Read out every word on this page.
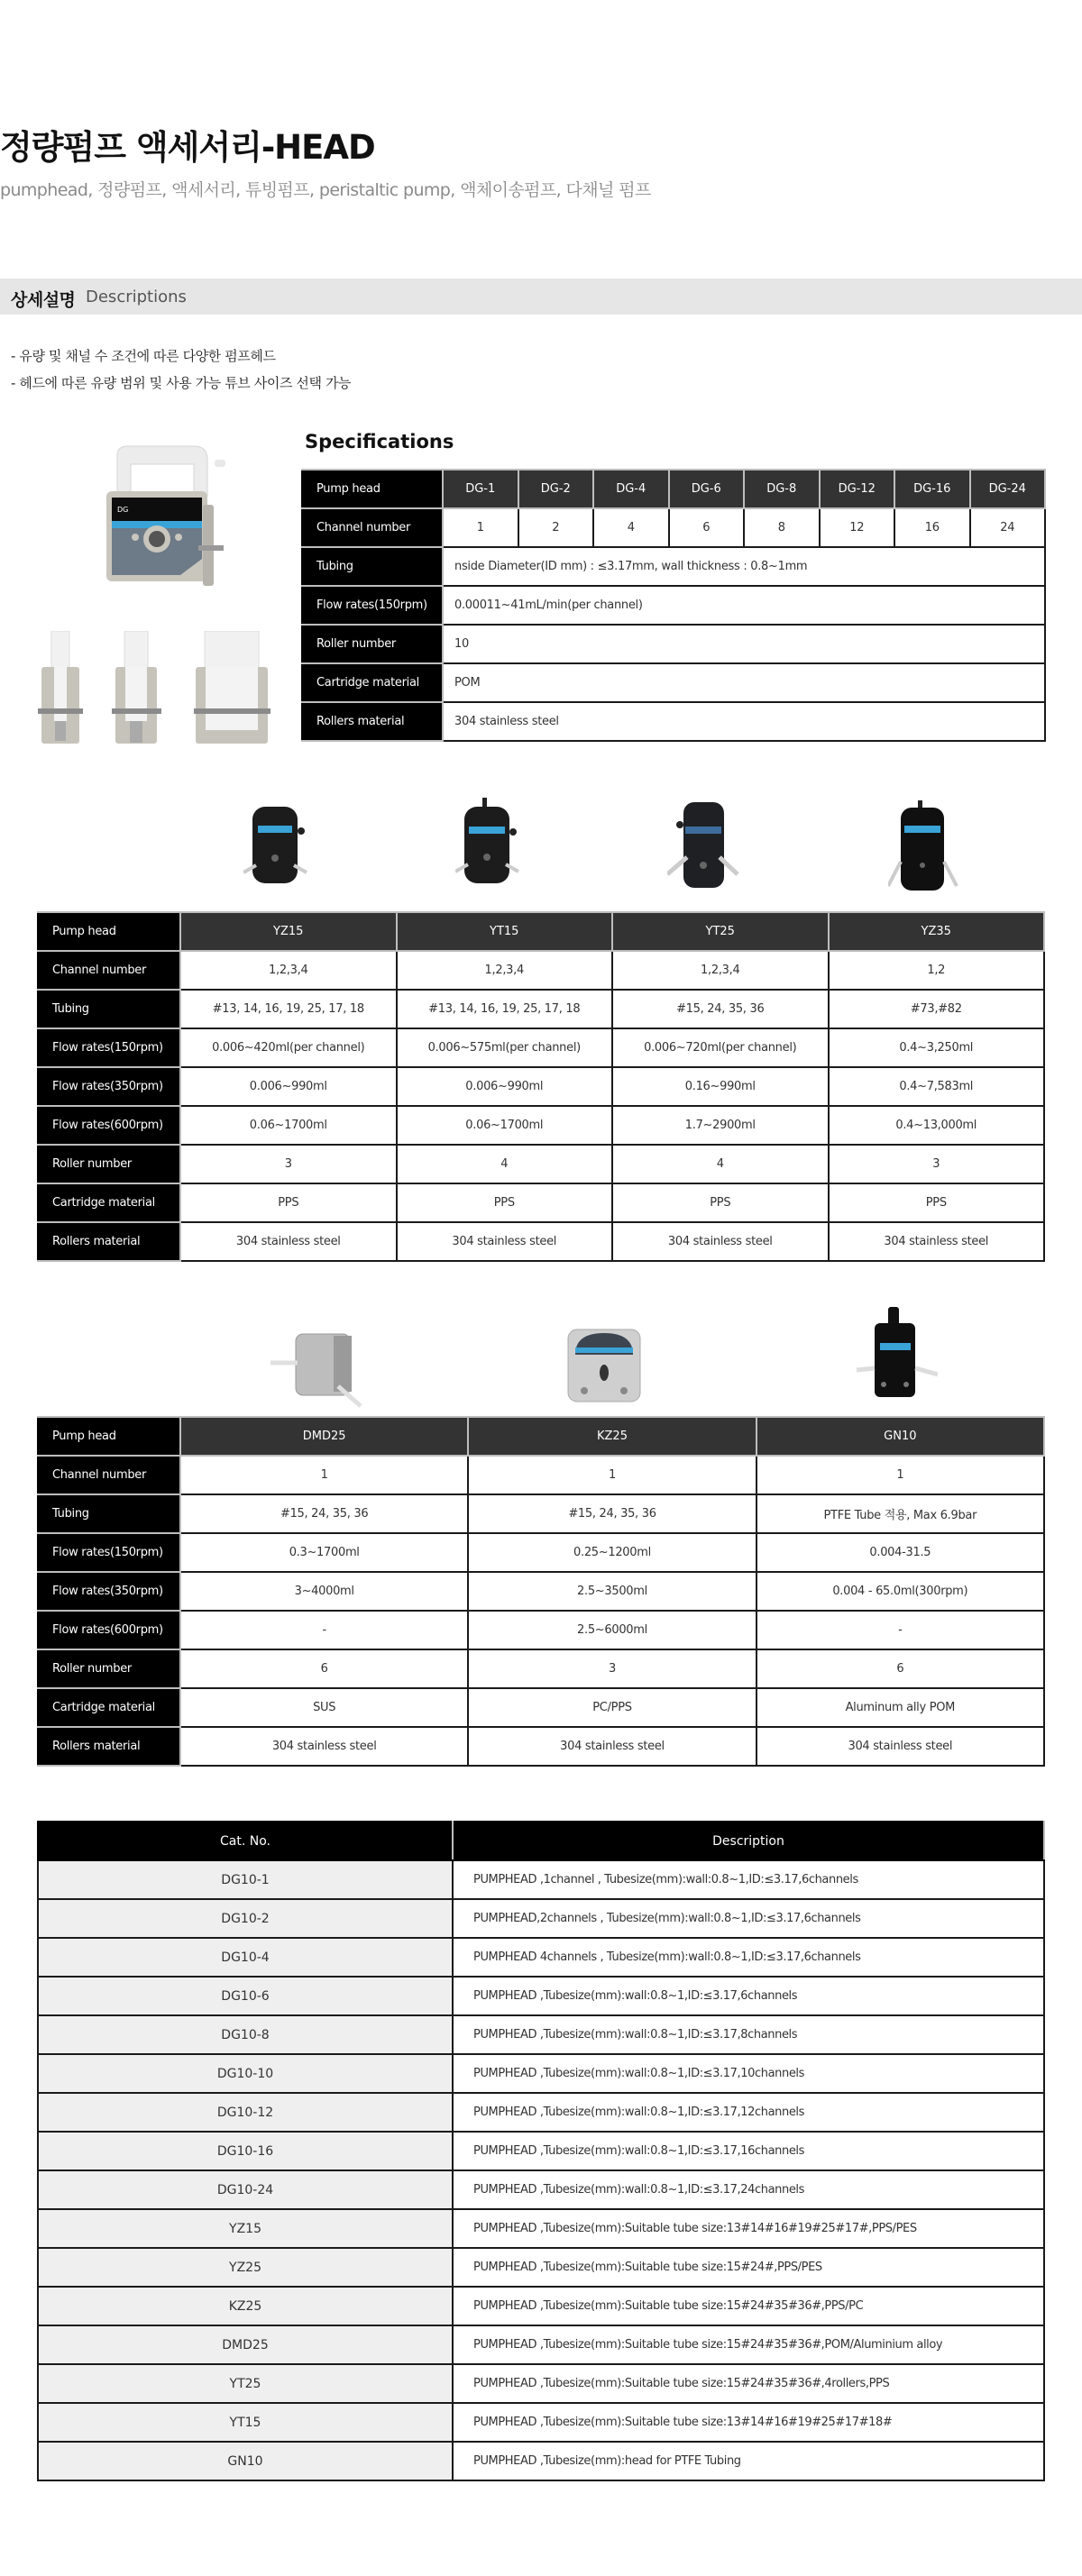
정량펌프 액세서리-HEAD
pumphead, 정량펌프, 액세서리, 튜빙펌프, peristaltic pump, 액체이송펌프, 다채널 펌프
상세설명 Descriptions
- 유량 및 채널 수 조건에 따른 다양한 펌프헤드
- 헤드에 따른 유량 범위 및 사용 가능 튜브 사이즈 선택 가능
DG
Specifications
Pump head	DG-1	DG-2	DG-4	DG-6	DG-8	DG-12	DG-16	DG-24
Channel number	1	2	4	6	8	12	16	24
Tubing	nside Diameter(ID mm) : ≤3.17mm, wall thickness : 0.8~1mm							
Flow rates(150rpm)	0.00011~41mL/min(per channel)							
Roller number	10							
Cartridge material	POM							
Rollers material	304 stainless steel							
Pump head	YZ15	YT15	YT25	YZ35
Channel number	1,2,3,4	1,2,3,4	1,2,3,4	1,2
Tubing	#13, 14, 16, 19, 25, 17, 18	#13, 14, 16, 19, 25, 17, 18	#15, 24, 35, 36	#73,#82
Flow rates(150rpm)	0.006~420ml(per channel)	0.006~575ml(per channel)	0.006~720ml(per channel)	0.4~3,250ml
Flow rates(350rpm)	0.006~990ml	0.006~990ml	0.16~990ml	0.4~7,583ml
Flow rates(600rpm)	0.06~1700ml	0.06~1700ml	1.7~2900ml	0.4~13,000ml
Roller number	3	4	4	3
Cartridge material	PPS	PPS	PPS	PPS
Rollers material	304 stainless steel	304 stainless steel	304 stainless steel	304 stainless steel
Pump head	DMD25	KZ25	GN10
Channel number	1	1	1
Tubing	#15, 24, 35, 36	#15, 24, 35, 36	PTFE Tube 적용, Max 6.9bar
Flow rates(150rpm)	0.3~1700ml	0.25~1200ml	0.004-31.5
Flow rates(350rpm)	3~4000ml	2.5~3500ml	0.004 - 65.0ml(300rpm)
Flow rates(600rpm)	-	2.5~6000ml	-
Roller number	6	3	6
Cartridge material	SUS	PC/PPS	Aluminum ally POM
Rollers material	304 stainless steel	304 stainless steel	304 stainless steel
Cat. No.	Description
DG10-1	PUMPHEAD ,1channel , Tubesize(mm):wall:0.8~1,ID:≤3.17,6channels
DG10-2	PUMPHEAD,2channels , Tubesize(mm):wall:0.8~1,ID:≤3.17,6channels
DG10-4	PUMPHEAD 4channels , Tubesize(mm):wall:0.8~1,ID:≤3.17,6channels
DG10-6	PUMPHEAD ,Tubesize(mm):wall:0.8~1,ID:≤3.17,6channels
DG10-8	PUMPHEAD ,Tubesize(mm):wall:0.8~1,ID:≤3.17,8channels
DG10-10	PUMPHEAD ,Tubesize(mm):wall:0.8~1,ID:≤3.17,10channels
DG10-12	PUMPHEAD ,Tubesize(mm):wall:0.8~1,ID:≤3.17,12channels
DG10-16	PUMPHEAD ,Tubesize(mm):wall:0.8~1,ID:≤3.17,16channels
DG10-24	PUMPHEAD ,Tubesize(mm):wall:0.8~1,ID:≤3.17,24channels
YZ15	PUMPHEAD ,Tubesize(mm):Suitable tube size:13#14#16#19#25#17#,PPS/PES
YZ25	PUMPHEAD ,Tubesize(mm):Suitable tube size:15#24#,PPS/PES
KZ25	PUMPHEAD ,Tubesize(mm):Suitable tube size:15#24#35#36#,PPS/PC
DMD25	PUMPHEAD ,Tubesize(mm):Suitable tube size:15#24#35#36#,POM/Aluminium alloy
YT25	PUMPHEAD ,Tubesize(mm):Suitable tube size:15#24#35#36#,4rollers,PPS
YT15	PUMPHEAD ,Tubesize(mm):Suitable tube size:13#14#16#19#25#17#18#
GN10	PUMPHEAD ,Tubesize(mm):head for PTFE Tubing
